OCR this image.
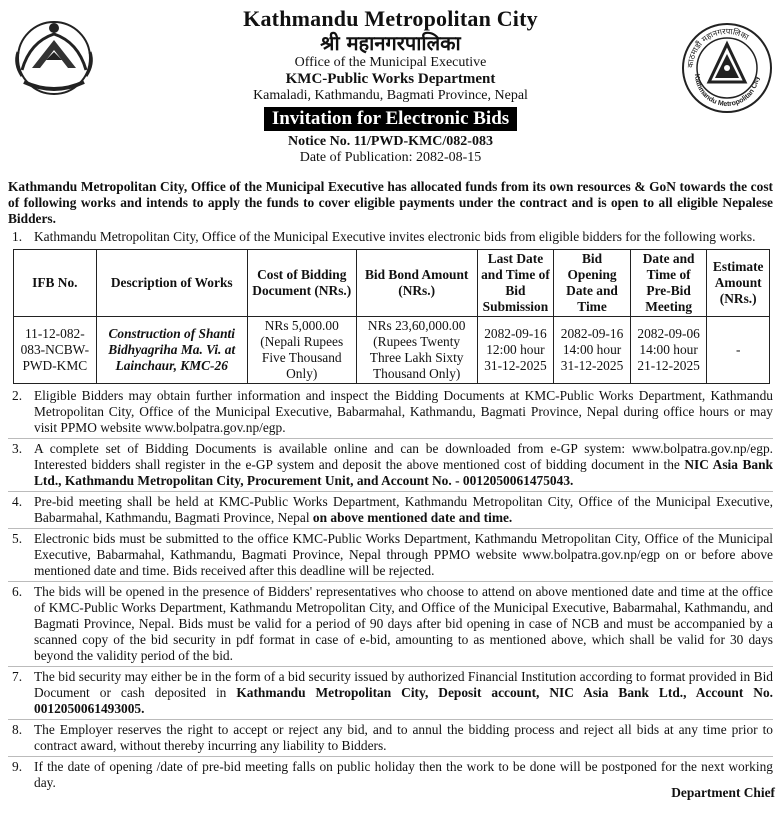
Kathmandu Metropolitan City
श्री महानगरपालिका
Office of the Municipal Executive
KMC-Public Works Department
Kamaladi, Kathmandu, Bagmati Province, Nepal
Invitation for Electronic Bids
Notice No. 11/PWD-KMC/082-083
Date of Publication: 2082-08-15
काठमाडौं महानगरपालिका
Kathmandu Metropolitan City
Kathmandu Metropolitan City, Office of the Municipal Executive has allocated funds from its own resources & GoN towards the cost of following works and intends to apply the funds to cover eligible payments under the contract and is open to all eligible Nepalese Bidders.
1. Kathmandu Metropolitan City, Office of the Municipal Executive invites electronic bids from eligible bidders for the following works.
IFB No.	Description of Works	Cost of Bidding Document (NRs.)	Bid Bond Amount (NRs.)	Last Date and Time of Bid Submission	Bid Opening Date and Time	Date and Time of Pre-Bid Meeting	Estimate Amount (NRs.)
11-12-082-083-NCBW-PWD-KMC	Construction of Shanti Bidhyagriha Ma. Vi. at Lainchaur, KMC-26	NRs 5,000.00 (Nepali Rupees Five Thousand Only)	NRs 23,60,000.00 (Rupees Twenty Three Lakh Sixty Thousand Only)	2082-09-16 12:00 hour 31-12-2025	2082-09-16 14:00 hour 31-12-2025	2082-09-06 14:00 hour 21-12-2025	-
2. Eligible Bidders may obtain further information and inspect the Bidding Documents at KMC-Public Works Department, Kathmandu Metropolitan City, Office of the Municipal Executive, Babarmahal, Kathmandu, Bagmati Province, Nepal during office hours or may visit PPMO website www.bolpatra.gov.np/egp.
3. A complete set of Bidding Documents is available online and can be downloaded from e-GP system: www.bolpatra.gov.np/egp. Interested bidders shall register in the e-GP system and deposit the above mentioned cost of bidding document in the NIC Asia Bank Ltd., Kathmandu Metropolitan City, Procurement Unit, and Account No. - 0012050061475043.
4. Pre-bid meeting shall be held at KMC-Public Works Department, Kathmandu Metropolitan City, Office of the Municipal Executive, Babarmahal, Kathmandu, Bagmati Province, Nepal on above mentioned date and time.
5. Electronic bids must be submitted to the office KMC-Public Works Department, Kathmandu Metropolitan City, Office of the Municipal Executive, Babarmahal, Kathmandu, Bagmati Province, Nepal through PPMO website www.bolpatra.gov.np/egp on or before above mentioned date and time. Bids received after this deadline will be rejected.
6. The bids will be opened in the presence of Bidders' representatives who choose to attend on above mentioned date and time at the office of KMC-Public Works Department, Kathmandu Metropolitan City, and Office of the Municipal Executive, Babarmahal, Kathmandu, and Bagmati Province, Nepal. Bids must be valid for a period of 90 days after bid opening in case of NCB and must be accompanied by a scanned copy of the bid security in pdf format in case of e-bid, amounting to as mentioned above, which shall be valid for 30 days beyond the validity period of the bid.
7. The bid security may either be in the form of a bid security issued by authorized Financial Institution according to format provided in Bid Document or cash deposited in Kathmandu Metropolitan City, Deposit account, NIC Asia Bank Ltd., Account No. 0012050061493005.
8. The Employer reserves the right to accept or reject any bid, and to annul the bidding process and reject all bids at any time prior to contract award, without thereby incurring any liability to Bidders.
9. If the date of opening /date of pre-bid meeting falls on public holiday then the work to be done will be postponed for the next working day.
Department Chief
